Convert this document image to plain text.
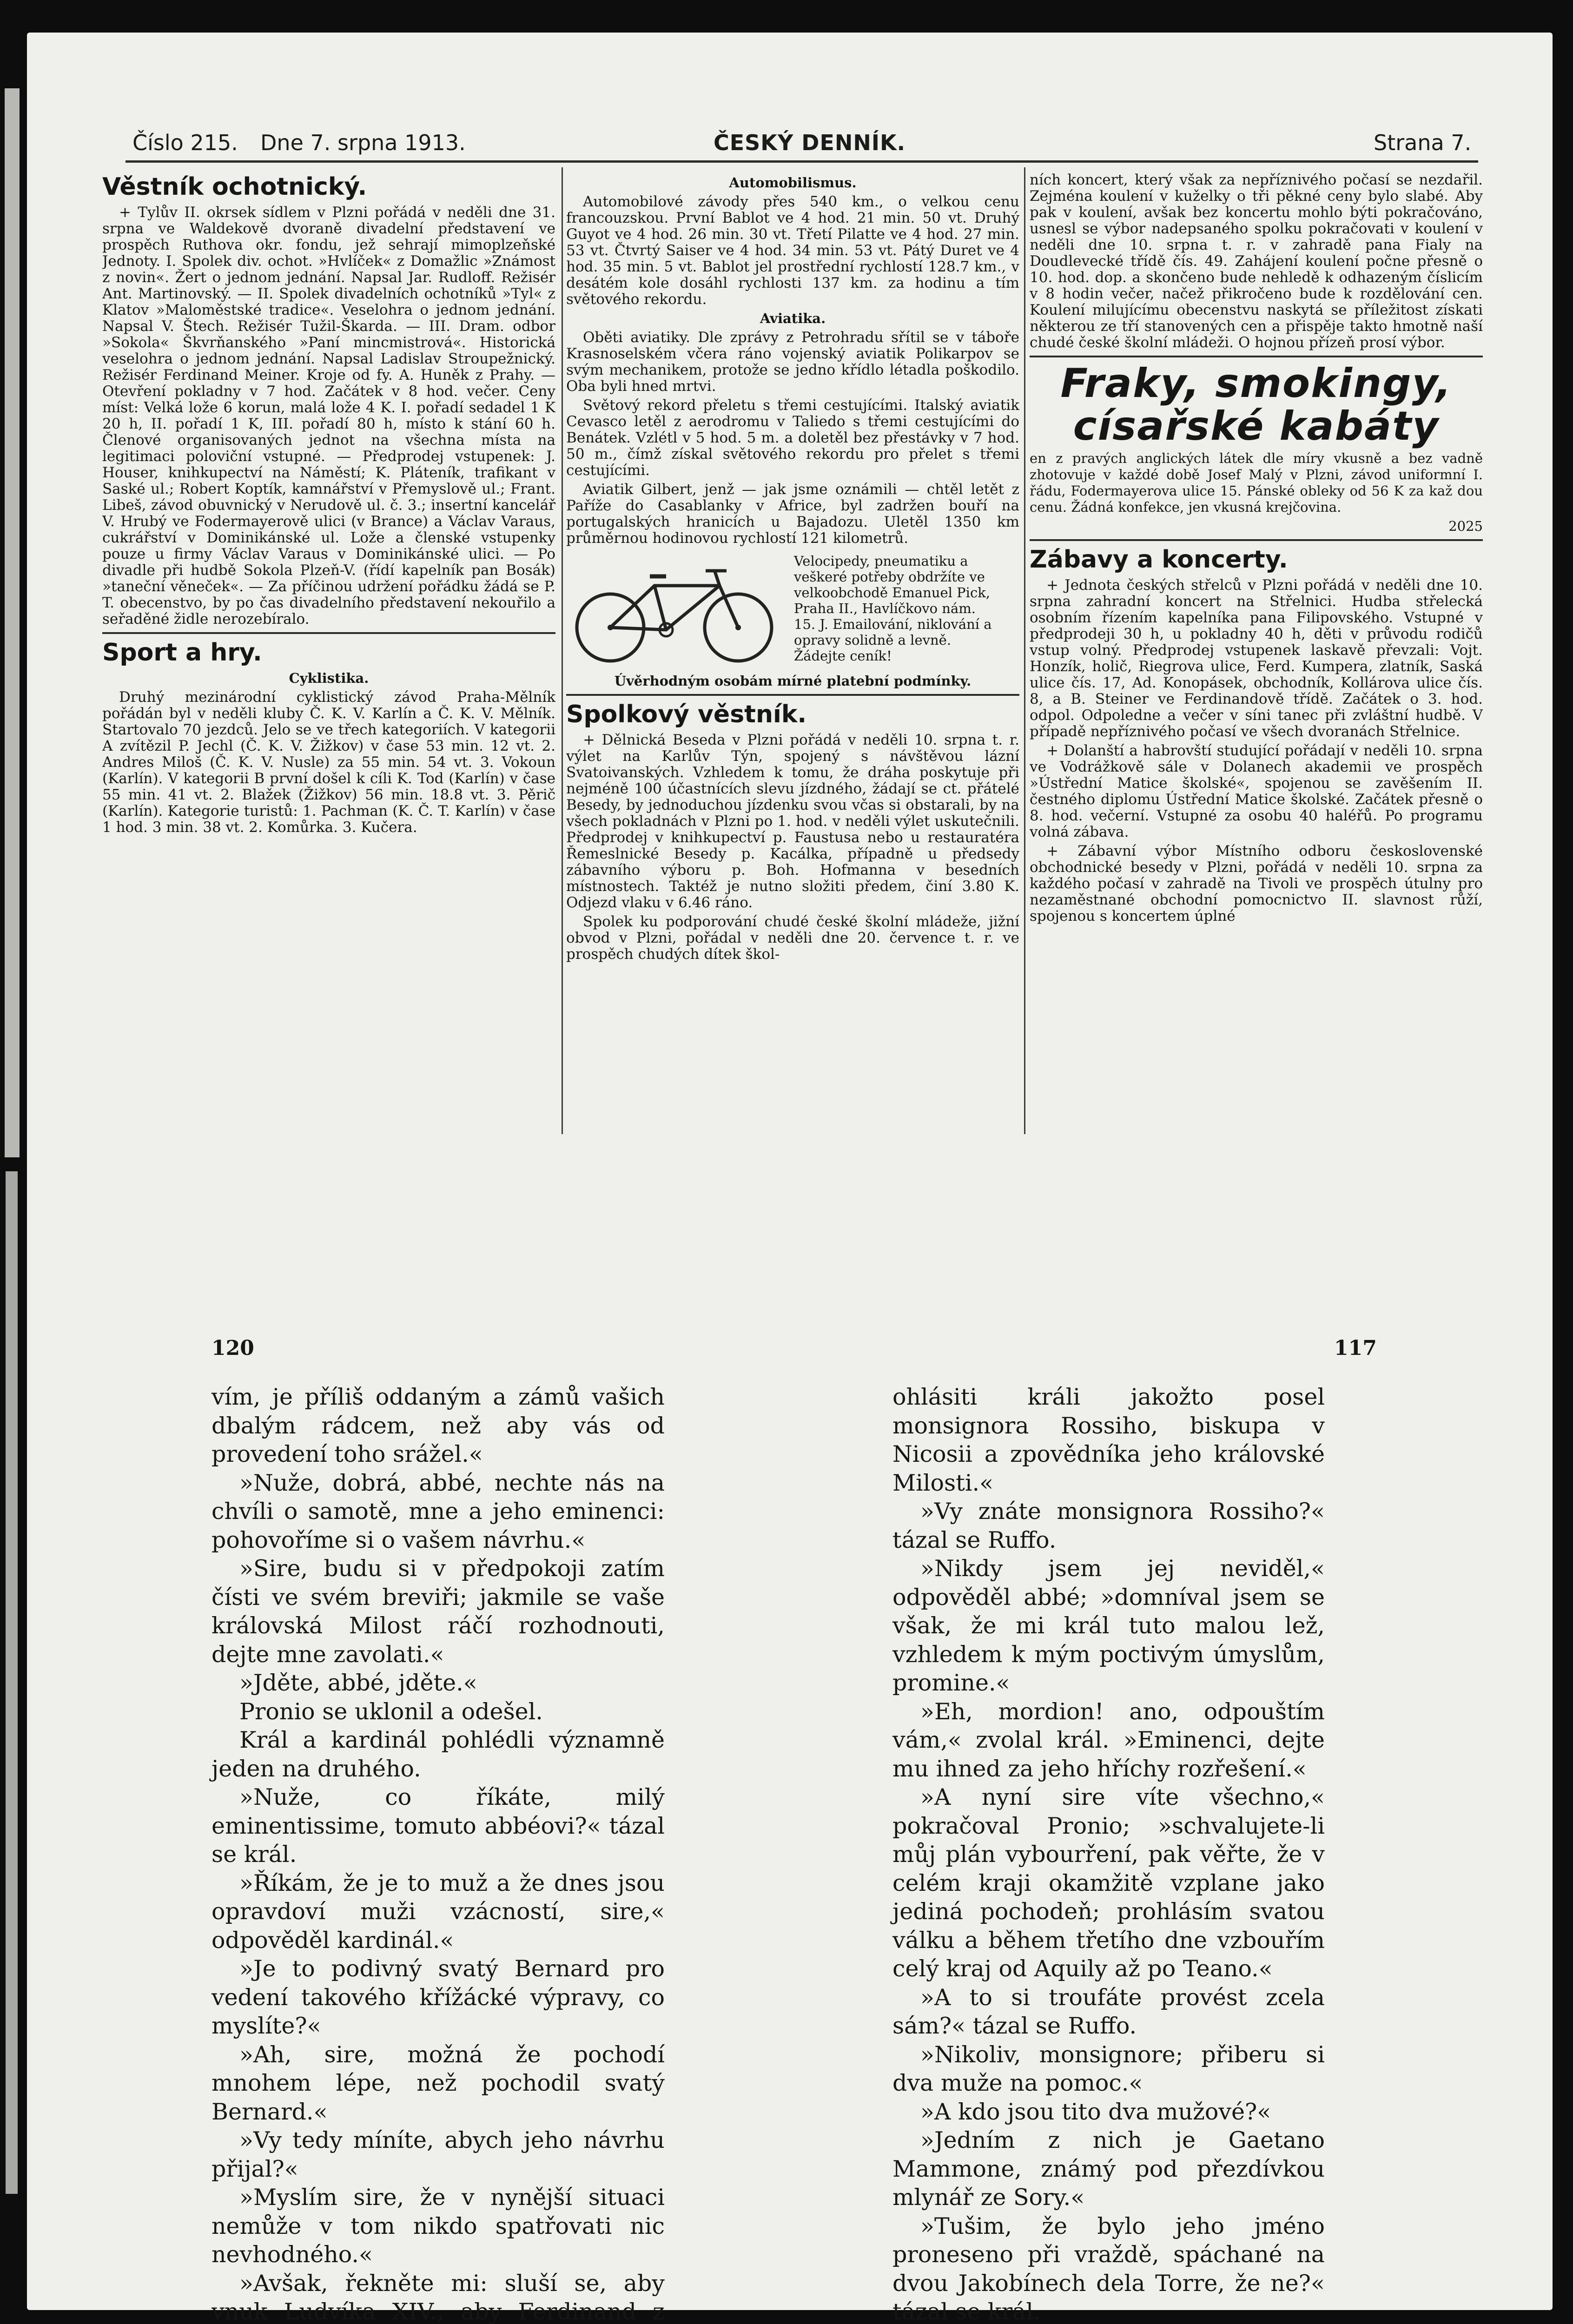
Číslo 215. Dne 7. srpna 1913.	ČESKÝ DENNÍK.	Strana 7.
Věstník ochotnický.

+ Tylův II. okrsek sídlem v Plzni pořádá v neděli dne 31. srpna ve Waldekově dvoraně divadelní představení ve prospěch Ruthova okr. fondu, jež sehrají mimoplzeňské Jednoty. I. Spolek div. ochot. »Hvlíček« z Domažlic »Známost z novin«. Žert o jednom jednání. Napsal Jar. Rudloff. Režisér Ant. Martinovský. — II. Spolek divadelních ochotníků »Tyl« z Klatov »Maloměstské tradice«. Veselohra o jednom jednání. Napsal V. Štech. Režisér Tužil-Škarda. — III. Dram. odbor »Sokola« Škvrňanského »Paní mincmistrová«. Historická veselohra o jednom jednání. Napsal Ladislav Stroupežnický. Režisér Ferdinand Meiner. Kroje od fy. A. Huněk z Prahy. — Otevření pokladny v 7 hod. Začátek v 8 hod. večer. Ceny míst: Velká lože 6 korun, malá lože 4 K. I. pořadí sedadel 1 K 20 h, II. pořadí 1 K, III. pořadí 80 h, místo k stání 60 h. Členové organisovaných jednot na všechna místa na legitimaci poloviční vstupné. — Předprodej vstupenek: J. Houser, knihkupectví na Náměstí; K. Pláteník, trafikant v Saské ul.; Robert Koptík, kamnářství v Přemyslově ul.; Frant. Libeš, závod obuvnický v Nerudově ul. č. 3.; insertní kancelář V. Hrubý ve Fodermayerově ulici (v Brance) a Václav Varaus, cukrářství v Dominikánské ul. Lože a členské vstupenky pouze u firmy Václav Varaus v Dominikánské ulici. — Po divadle při hudbě Sokola Plzeň-V. (řídí kapelník pan Bosák) »taneční věneček«. — Za příčinou udržení pořádku žádá se P. T. obecenstvo, by po čas divadelního představení nekouřilo a seřaděné židle nerozebíralo.

Sport a hry.
Cyklistika.

Druhý mezinárodní cyklistický závod Praha-Mělník pořádán byl v neděli kluby Č. K. V. Karlín a Č. K. V. Mělník. Startovalo 70 jezdců. Jelo se ve třech kategoriích. V kategorii A zvítězil P. Jechl (Č. K. V. Žižkov) v čase 53 min. 12 vt. 2. Andres Miloš (Č. K. V. Nusle) za 55 min. 54 vt. 3. Vokoun (Karlín). V kategorii B první došel k cíli K. Tod (Karlín) v čase 55 min. 41 vt. 2. Blažek (Žižkov) 56 min. 18.8 vt. 3. Pěrič (Karlín). Kategorie turistů: 1. Pachman (K. Č. T. Karlín) v čase 1 hod. 3 min. 38 vt. 2. Komůrka. 3. Kučera.

Automobilismus.

Automobilové závody přes 540 km., o velkou cenu francouzskou. První Bablot ve 4 hod. 21 min. 50 vt. Druhý Guyot ve 4 hod. 26 min. 30 vt. Třetí Pilatte ve 4 hod. 27 min. 53 vt. Čtvrtý Saiser ve 4 hod. 34 min. 53 vt. Pátý Duret ve 4 hod. 35 min. 5 vt. Bablot jel prostřední rychlostí 128.7 km., v desátém kole dosáhl rychlosti 137 km. za hodinu a tím světového rekordu.

Aviatika.

Oběti aviatiky. Dle zprávy z Petrohradu sřítil se v táboře Krasnoselském včera ráno vojenský aviatik Polikarpov se svým mechanikem, protože se jedno křídlo létadla poškodilo. Oba byli hned mrtvi.

Světový rekord přeletu s třemi cestujícími. Italský aviatik Cevasco letěl z aerodromu v Taliedo s třemi cestujícími do Benátek. Vzlétl v 5 hod. 5 m. a doletěl bez přestávky v 7 hod. 50 m., čímž získal světového rekordu pro přelet s třemi cestujícími.

Aviatik Gilbert, jenž — jak jsme oznámili — chtěl letět z Paříže do Casablanky v Africe, byl zadržen bouří na portugalských hranicích u Bajadozu. Uletěl 1350 km průměrnou hodinovou rychlostí 121 kilometrů.

Velocipedy, pneumatiku a veškeré potřeby obdržíte ve velkoobchodě Emanuel Pick, Praha II., Havlíčkovo nám. 15. J. Emailování, niklování a opravy solidně a levně. Žádejte ceník!
Úvěrhodným osobám mírné platební podmínky.
Spolkový věstník.

+ Dělnická Beseda v Plzni pořádá v neděli 10. srpna t. r. výlet na Karlův Týn, spojený s návštěvou lázní Svatoivanských. Vzhledem k tomu, že dráha poskytuje při nejméně 100 účastnících slevu jízdného, žádají se ct. přátelé Besedy, by jednoduchou jízdenku svou včas si obstarali, by na všech pokladnách v Plzni po 1. hod. v neděli výlet uskutečnili. Předprodej v knihkupectví p. Faustusa nebo u restauratéra Řemeslnické Besedy p. Kacálka, případně u předsedy zábavního výboru p. Boh. Hofmanna v besedních místnostech. Taktéž je nutno složiti předem, činí 3.80 K. Odjezd vlaku v 6.46 ráno.

Spolek ku podporování chudé české školní mládeže, jižní obvod v Plzni, pořádal v neděli dne 20. července t. r. ve prospěch chudých dítek škol-

ních koncert, který však za nepříznivého počasí se nezdařil. Zejména koulení v kuželky o tři pěkné ceny bylo slabé. Aby pak v koulení, avšak bez koncertu mohlo býti pokračováno, usnesl se výbor nadepsaného spolku pokračovati v koulení v neděli dne 10. srpna t. r. v zahradě pana Fialy na Doudlevecké třídě čís. 49. Zahájení koulení počne přesně o 10. hod. dop. a skončeno bude nehledě k odhazeným číslicím v 8 hodin večer, načež přikročeno bude k rozdělování cen. Koulení milujícímu obecenstvu naskytá se příležitost získati některou ze tří stanovených cen a přispěje takto hmotně naší chudé české školní mládeži. O hojnou přízeň prosí výbor.

Fraky, smokingy, císařské kabáty

en z pravých anglických látek dle míry vkusně a bez vadně zhotovuje v každé době Josef Malý v Plzni, závod uniformní I. řádu, Fodermayerova ulice 15. Pánské obleky od 56 K za kaž dou cenu. Žádná konfekce, jen vkusná krejčovina.

2025
Zábavy a koncerty.

+ Jednota českých střelců v Plzni pořádá v neděli dne 10. srpna zahradní koncert na Střelnici. Hudba střelecká osobním řízením kapelníka pana Filipovského. Vstupné v předprodeji 30 h, u pokladny 40 h, děti v průvodu rodičů vstup volný. Předprodej vstupenek laskavě převzali: Vojt. Honzík, holič, Riegrova ulice, Ferd. Kumpera, zlatník, Saská ulice čís. 17, Ad. Konopásek, obchodník, Kollárova ulice čís. 8, a B. Steiner ve Ferdinandově třídě. Začátek o 3. hod. odpol. Odpoledne a večer v síni tanec při zvláštní hudbě. V případě nepříznivého počasí ve všech dvoranách Střelnice.

+ Dolanští a habrovští studující pořádají v neděli 10. srpna ve Vodrážkově sále v Dolanech akademii ve prospěch »Ústřední Matice školské«, spojenou se zavěšením II. čestného diplomu Ústřední Matice školské. Začátek přesně o 8. hod. večerní. Vstupné za osobu 40 haléřů. Po programu volná zábava.

+ Zábavní výbor Místního odboru československé obchodnické besedy v Plzni, pořádá v neděli 10. srpna za každého počasí v zahradě na Tivoli ve prospěch útulny pro nezaměstnané obchodní pomocnictvo II. slavnost růží, spojenou s koncertem úplné

120	117

vím, je příliš oddaným a zámů vašich dbalým rádcem, než aby vás od provedení toho srážel.«

»Nuže, dobrá, abbé, nechte nás na chvíli o samotě, mne a jeho eminenci: pohovoříme si o vašem návrhu.«

»Sire, budu si v předpokoji zatím čísti ve svém breviři; jakmile se vaše královská Milost ráčí rozhodnouti, dejte mne zavolati.«

»Jděte, abbé, jděte.«

Pronio se uklonil a odešel.

Král a kardinál pohlédli významně jeden na druhého.

»Nuže, co říkáte, milý eminentissime, tomuto abbéovi?« tázal se král.

»Říkám, že je to muž a že dnes jsou opravdoví muži vzácností, sire,« odpověděl kardinál.«

»Je to podivný svatý Bernard pro vedení takového křížácké výpravy, co myslíte?«

»Ah, sire, možná že pochodí mnohem lépe, než pochodil svatý Bernard.«

»Vy tedy míníte, abych jeho návrhu přijal?«

»Myslím sire, že v nynější situaci nemůže v tom nikdo spatřovati nic nevhodného.«

»Avšak, řekněte mi: sluší se, aby vnuk Ludvíka XIV., aby Ferdinand z

ohlásiti králi jakožto posel monsignora Rossiho, biskupa v Nicosii a zpovědníka jeho královské Milosti.«

»Vy znáte monsignora Rossiho?« tázal se Ruffo.

»Nikdy jsem jej neviděl,« odpověděl abbé; »domníval jsem se však, že mi král tuto malou lež, vzhledem k mým poctivým úmyslům, promine.«

»Eh, mordion! ano, odpouštím vám,« zvolal král. »Eminenci, dejte mu ihned za jeho hříchy rozřešení.«

»A nyní sire víte všechno,« pokračoval Pronio; »schvalujete-li můj plán vybourření, pak věřte, že v celém kraji okamžitě vzplane jako jediná pochodeň; prohlásím svatou válku a během třetího dne vzbouřím celý kraj od Aquily až po Teano.«

»A to si troufáte provést zcela sám?« tázal se Ruffo.

»Nikoliv, monsignore; přiberu si dva muže na pomoc.«

»A kdo jsou tito dva mužové?«

»Jedním z nich je Gaetano Mammone, známý pod přezdívkou mlynář ze Sory.«

»Tušim, že bylo jeho jméno proneseno při vraždě, spáchané na dvou Jakobínech dela Torre, že ne?« tázal se král.
